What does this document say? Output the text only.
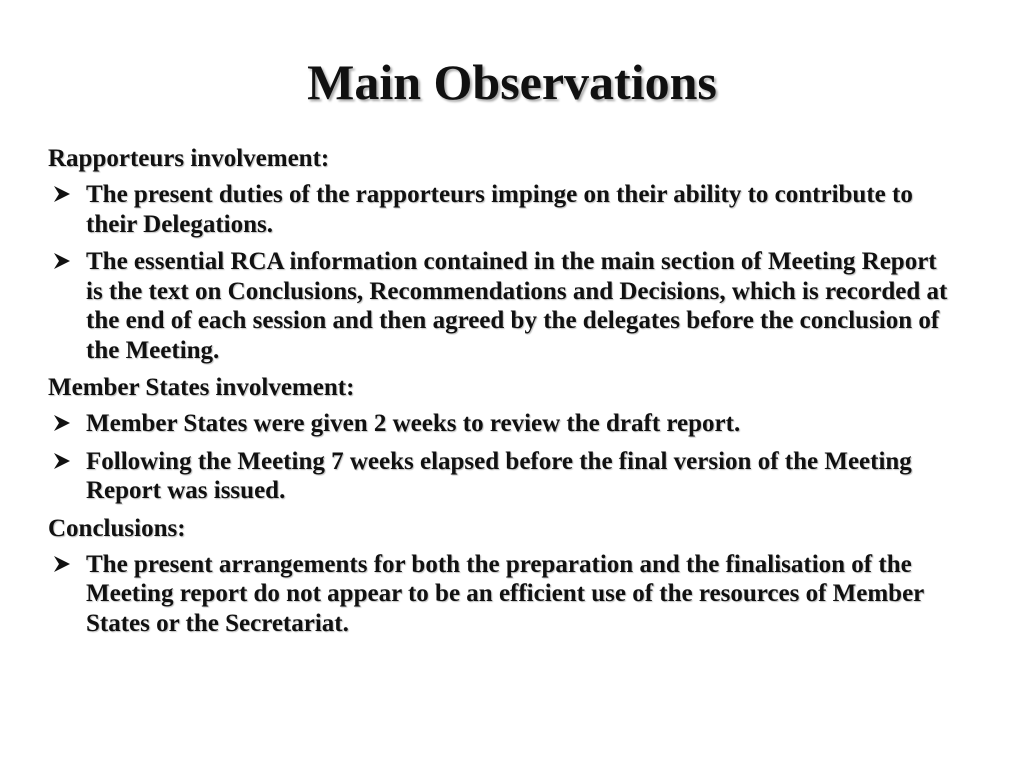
Main Observations
Rapporteurs involvement:
The present duties of the rapporteurs impinge on their ability to contribute to their Delegations.
The essential RCA information contained in the main section of Meeting Report is the text on Conclusions, Recommendations and Decisions, which is recorded at the end of each session and then agreed by the delegates before the conclusion of the Meeting.
Member States involvement:
Member States were given 2 weeks to review the draft report.
Following the Meeting 7 weeks elapsed before the final version of the Meeting Report was issued.
Conclusions:
The present arrangements for both the preparation and the finalisation of the Meeting report do not appear to be an efficient use of the resources of Member States or the Secretariat.
